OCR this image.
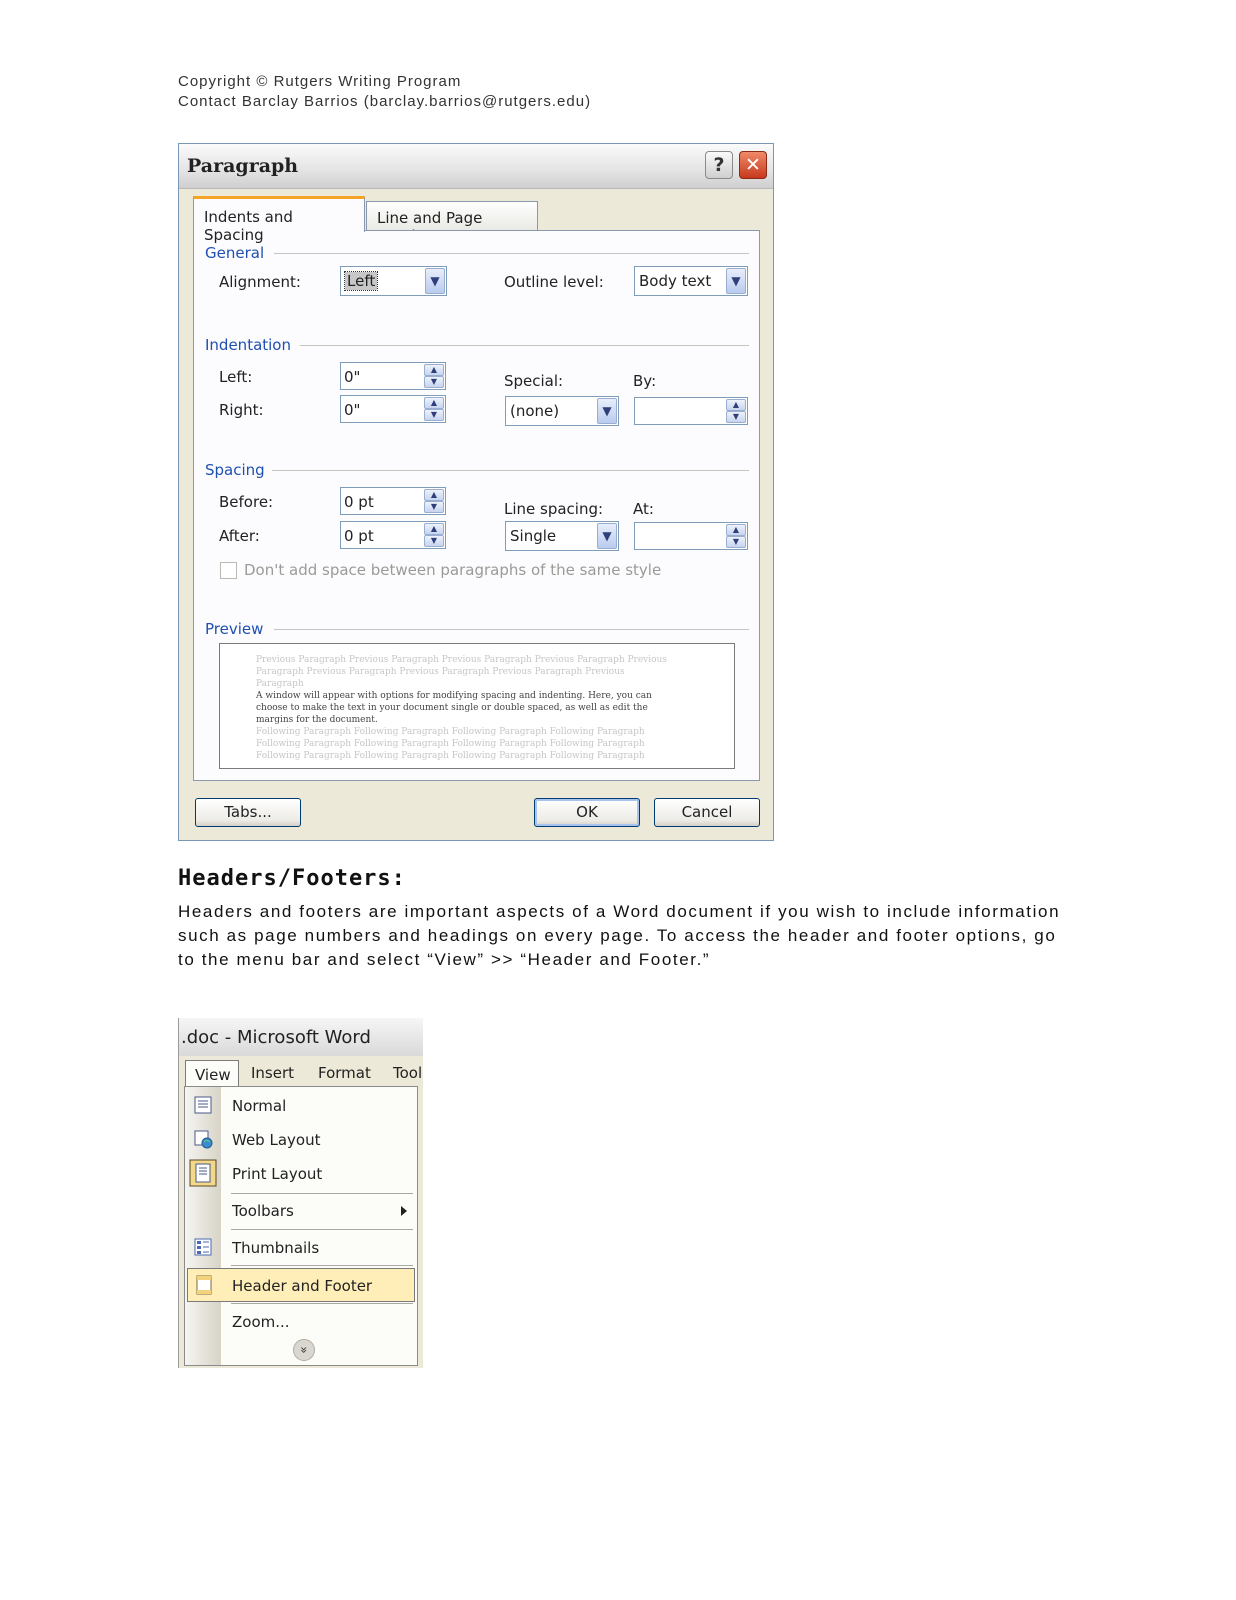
Copyright © Rutgers Writing Program
Contact Barclay Barrios (barclay.barrios@rutgers.edu)
Paragraph	?	✕
Indents and Spacing
Line and Page
General
Alignment:	Left	▼	Outline level: Body text	▼
Indentation
Left:	0"	▲
▼
Right:	0"	▲
▼
Special:
(none)	▼
By:
▲
▼
Spacing
Before:	0 pt	▲
▼
After:	0 pt	▲
▼
Line spacing:
Single	▼
At:
▲
▼
Don't add space between paragraphs of the same style
Preview
Previous Paragraph Previous Paragraph Previous Paragraph Previous Paragraph Previous Paragraph Previous Paragraph Previous Paragraph Previous Paragraph Previous Paragraph
A window will appear with options for modifying spacing and indenting. Here, you can choose to make the text in your document single or double spaced, as well as edit the margins for the document.
Following Paragraph Following Paragraph Following Paragraph Following Paragraph Following Paragraph Following Paragraph Following Paragraph Following Paragraph Following Paragraph Following Paragraph Following Paragraph Following Paragraph
Tabs...	OK	Cancel
Headers/Footers:
Headers and footers are important aspects of a Word document if you wish to include information such as page numbers and headings on every page. To access the header and footer options, go to the menu bar and select “View” >> “Header and Footer.”
.doc - Microsoft Word
View	Insert Format Tool
Normal
Web Layout
Print Layout
Toolbars
Thumbnails
Header and Footer
Zoom...
»
